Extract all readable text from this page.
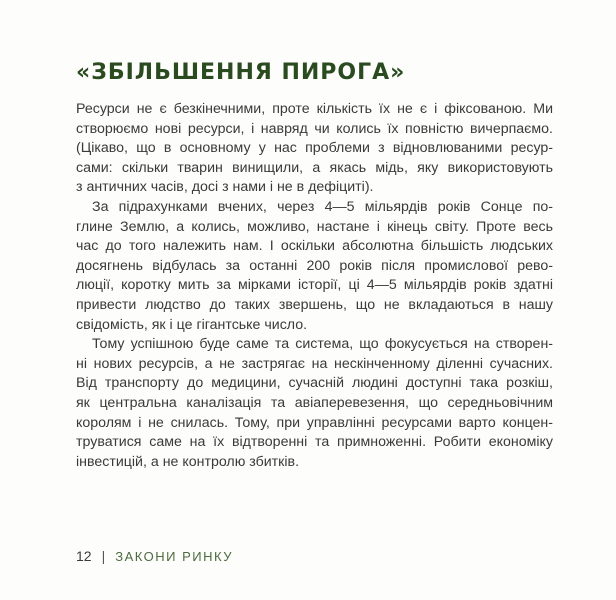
«ЗБІЛЬШЕННЯ ПИРОГА»

Ресурси не є безкінечними, проте кількість їх не є і фіксованою. Ми
створюємо нові ресурси, і навряд чи колись їх повністю вичерпаємо.
(Цікаво, що в основному у нас проблеми з відновлюваними ресур-
сами: скільки тварин винищили, а якась мідь, яку використовують
з античних часів, досі з нами і не в дефіциті).

За підрахунками вчених, через 4—5 мільярдів років Сонце по-
глине Землю, а колись, можливо, настане і кінець світу. Проте весь
час до того належить нам. І оскільки абсолютна більшість людських
досягнень відбулась за останні 200 років після промислової рево-
люції, коротку мить за мірками історії, ці 4—5 мільярдів років здатні
привести людство до таких звершень, що не вкладаються в нашу
свідомість, як і це гігантське число.

Тому успішною буде саме та система, що фокусується на створен-
ні нових ресурсів, а не застрягає на нескінченному діленні сучасних.
Від транспорту до медицини, сучасній людині доступні така розкіш,
як центральна каналізація та авіаперевезення, що середньовічним
королям і не снилась. Тому, при управлінні ресурсами варто концен-
труватися саме на їх відтворенні та примноженні. Робити економіку
інвестицій, а не контролю збитків.

12 | ЗАКОНИ РИНКУ
